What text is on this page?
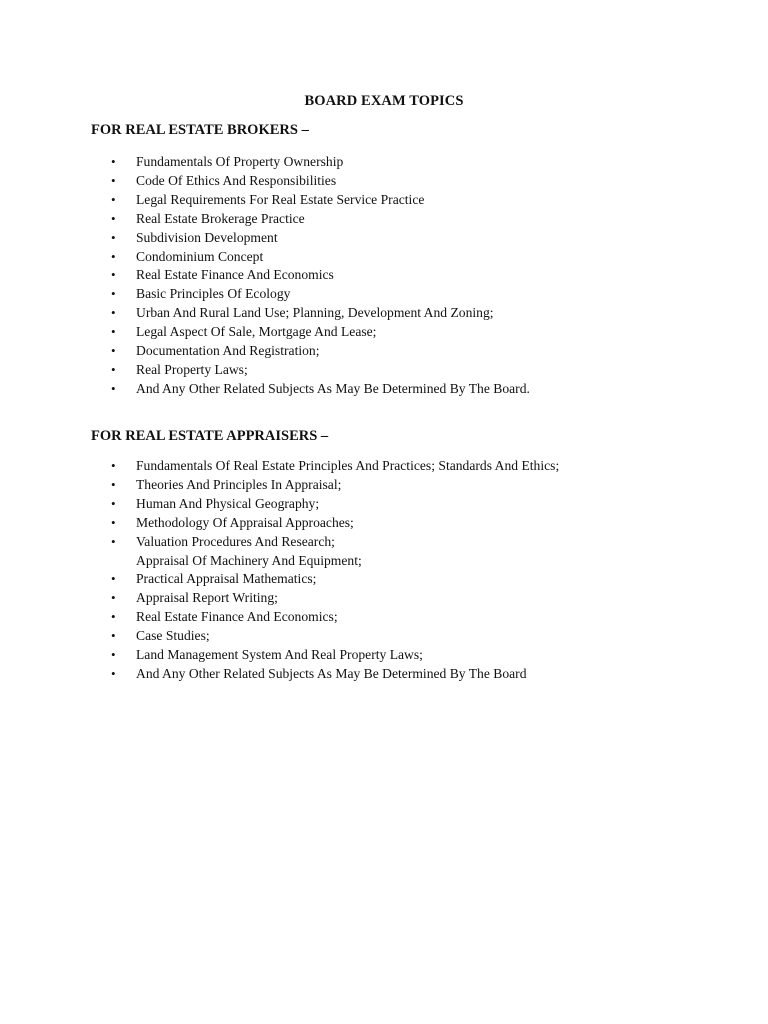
BOARD EXAM TOPICS
FOR REAL ESTATE BROKERS –
• Fundamentals Of Property Ownership
• Code Of Ethics And Responsibilities
• Legal Requirements For Real Estate Service Practice
• Real Estate Brokerage Practice
• Subdivision Development
• Condominium Concept
• Real Estate Finance And Economics
• Basic Principles Of Ecology
• Urban And Rural Land Use; Planning, Development And Zoning;
• Legal Aspect Of Sale, Mortgage And Lease;
• Documentation And Registration;
• Real Property Laws;
• And Any Other Related Subjects As May Be Determined By The Board.
FOR REAL ESTATE APPRAISERS –
• Fundamentals Of Real Estate Principles And Practices; Standards And Ethics;
• Theories And Principles In Appraisal;
• Human And Physical Geography;
• Methodology Of Appraisal Approaches;
• Valuation Procedures And Research;
Appraisal Of Machinery And Equipment;
• Practical Appraisal Mathematics;
• Appraisal Report Writing;
• Real Estate Finance And Economics;
• Case Studies;
• Land Management System And Real Property Laws;
• And Any Other Related Subjects As May Be Determined By The Board
